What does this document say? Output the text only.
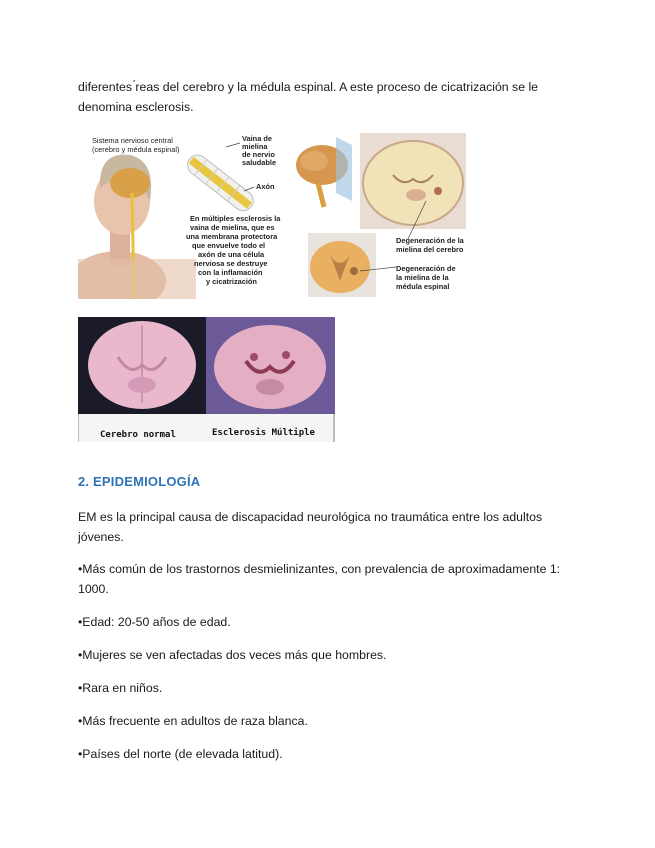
diferentes ́reas del cerebro y la médula espinal. A este proceso de cicatrización se le
denomina esclerosis.

Sistema nervioso central
(cerebro y médula espinal)
Vaina de
mielina
de nervio
saludable
Axón
En múltiples esclerosis la
vaina de mielina, que es
una membrana protectora
que envuelve todo el
axón de una célula
nerviosa se destruye
con la inflamación
y cicatrización
Degeneración de la
mielina del cerebro
Degeneración de
la mielina de la
médula espinal
Cerebro normal	Esclerosis Múltiple
2. EPIDEMIOLOGÍA

EM es la principal causa de discapacidad neurológica no traumática entre los adultos
jóvenes.

•Más común de los trastornos desmielinizantes, con prevalencia de aproximadamente 1:
1000.
•Edad: 20-50 años de edad.
•Mujeres se ven afectadas dos veces más que hombres.
•Rara en niños.
•Más frecuente en adultos de raza blanca.
•Países del norte (de elevada latitud).
